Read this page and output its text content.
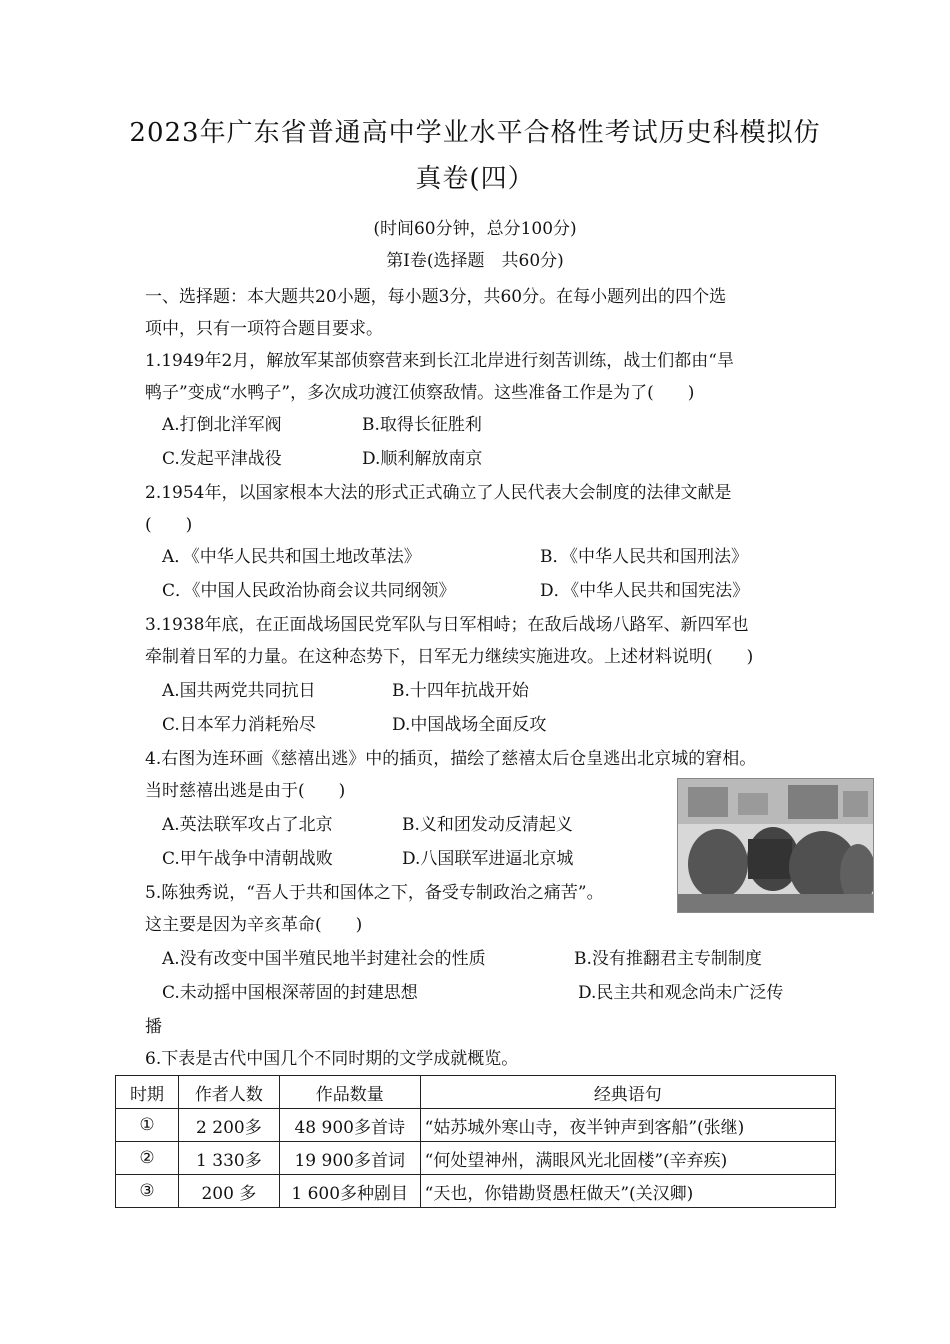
2023年广东省普通高中学业水平合格性考试历史科模拟仿
真卷(四）
(时间60分钟，总分100分)
第Ⅰ卷(选择题　共60分)
一、选择题：本大题共20小题，每小题3分，共60分。在每小题列出的四个选
项中，只有一项符合题目要求。
1.1949年2月，解放军某部侦察营来到长江北岸进行刻苦训练，战士们都由“旱
鸭子”变成“水鸭子”，多次成功渡江侦察敌情。这些准备工作是为了(　　)
A.打倒北洋军阀	B.取得长征胜利
C.发起平津战役	D.顺利解放南京
2.1954年，以国家根本大法的形式正式确立了人民代表大会制度的法律文献是
(　　)
A．《中华人民共和国土地改革法》	B．《中华人民共和国刑法》
C．《中国人民政治协商会议共同纲领》	D．《中华人民共和国宪法》
3.1938年底，在正面战场国民党军队与日军相峙；在敌后战场八路军、新四军也
牵制着日军的力量。在这种态势下，日军无力继续实施进攻。上述材料说明(　　)
A.国共两党共同抗日	B.十四年抗战开始
C.日本军力消耗殆尽	D.中国战场全面反攻
4.右图为连环画《慈禧出逃》中的插页，描绘了慈禧太后仓皇逃出北京城的窘相。
当时慈禧出逃是由于(　　)
A.英法联军攻占了北京	B.义和团发动反清起义
C.甲午战争中清朝战败	D.八国联军进逼北京城
5.陈独秀说，“吾人于共和国体之下，备受专制政治之痛苦”。
这主要是因为辛亥革命(　　)
A.没有改变中国半殖民地半封建社会的性质	B.没有推翻君主专制制度
C.未动摇中国根深蒂固的封建思想	D.民主共和观念尚未广泛传
播
6.下表是古代中国几个不同时期的文学成就概览。
时期	作者人数	作品数量	经典语句
①	2 200多	48 900多首诗	“姑苏城外寒山寺，夜半钟声到客船”(张继)
②	1 330多	19 900多首词	“何处望神州，满眼风光北固楼”(辛弃疾)
③	200 多	1 600多种剧目	“天也，你错勘贤愚枉做天”(关汉卿)
